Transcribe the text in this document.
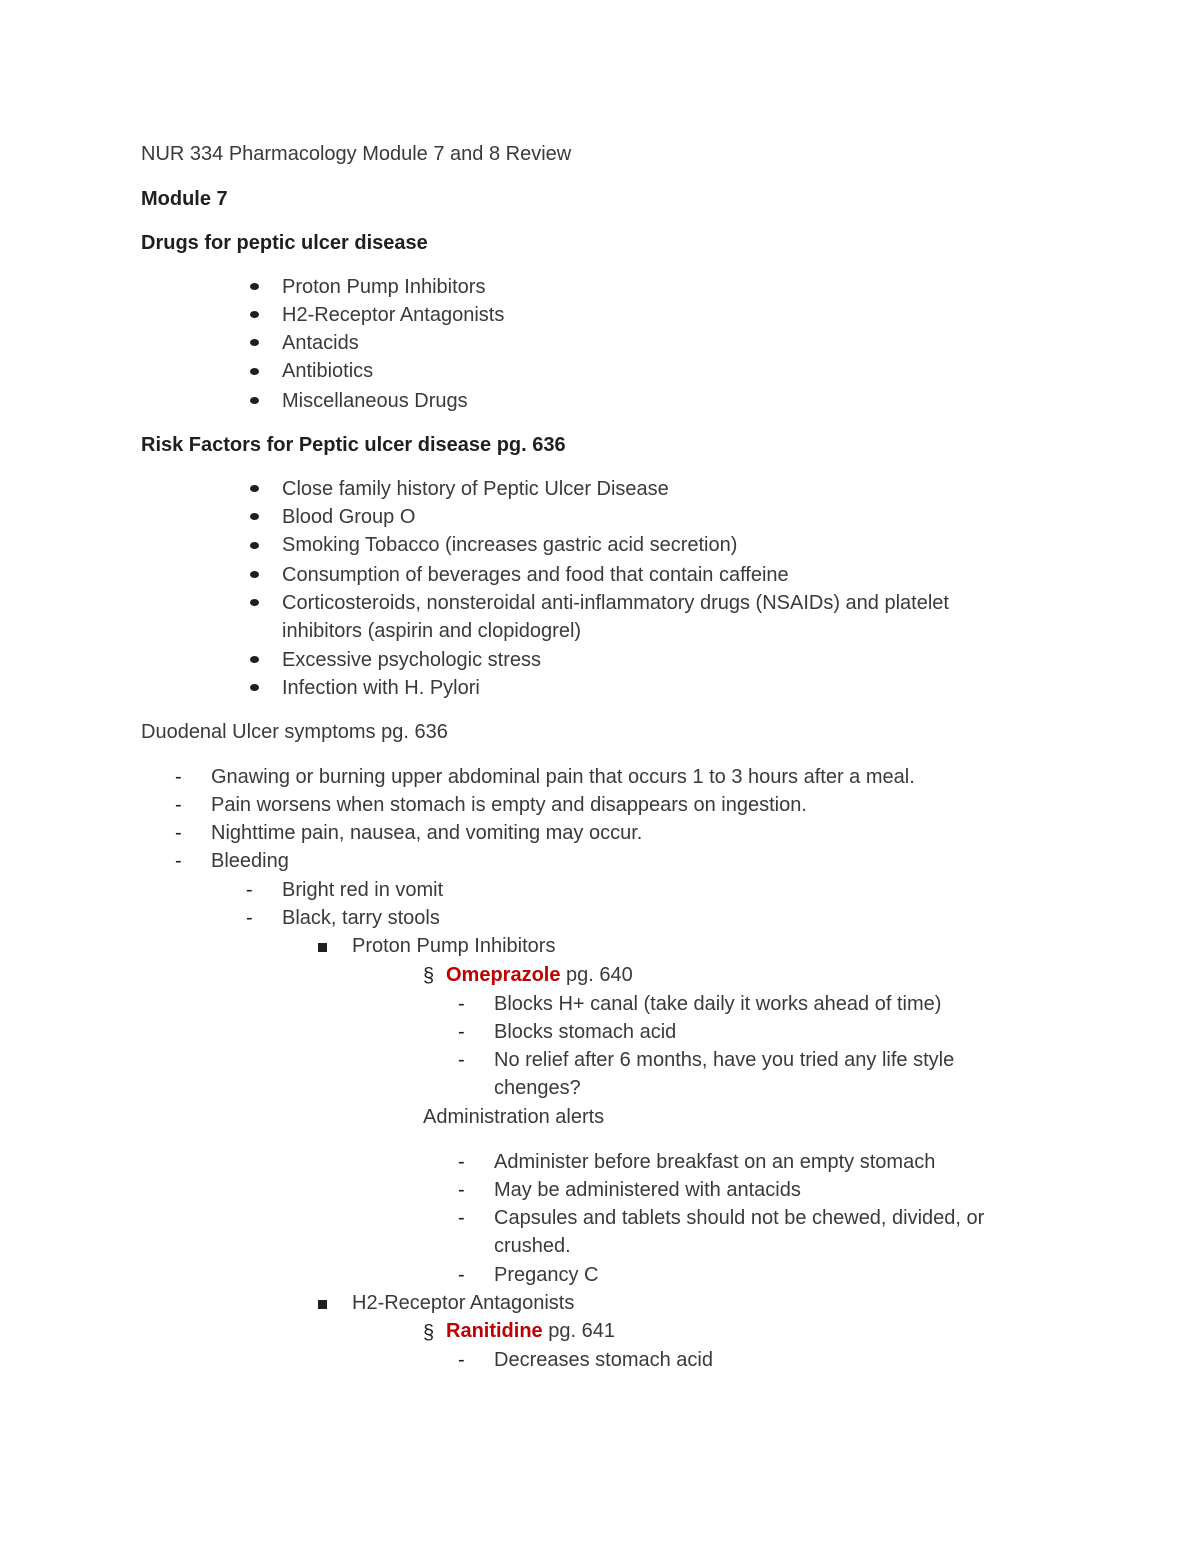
NUR 334 Pharmacology Module 7 and 8 Review
Module 7
Drugs for peptic ulcer disease
Proton Pump Inhibitors
H2-Receptor Antagonists
Antacids
Antibiotics
Miscellaneous Drugs
Risk Factors for Peptic ulcer disease pg. 636
Close family history of Peptic Ulcer Disease
Blood Group O
Smoking Tobacco (increases gastric acid secretion)
Consumption of beverages and food that contain caffeine
Corticosteroids, nonsteroidal anti-inflammatory drugs (NSAIDs) and platelet
inhibitors (aspirin and clopidogrel)
Excessive psychologic stress
Infection with H. Pylori
Duodenal Ulcer symptoms pg. 636
- Gnawing or burning upper abdominal pain that occurs 1 to 3 hours after a meal.
- Pain worsens when stomach is empty and disappears on ingestion.
- Nighttime pain, nausea, and vomiting may occur.
- Bleeding
- Bright red in vomit
- Black, tarry stools
Proton Pump Inhibitors
§ Omeprazole pg. 640
- Blocks H+ canal (take daily it works ahead of time)
- Blocks stomach acid
- No relief after 6 months, have you tried any life style
chenges?
Administration alerts
- Administer before breakfast on an empty stomach
- May be administered with antacids
- Capsules and tablets should not be chewed, divided, or
crushed.
- Pregancy C
H2-Receptor Antagonists
§ Ranitidine pg. 641
- Decreases stomach acid
